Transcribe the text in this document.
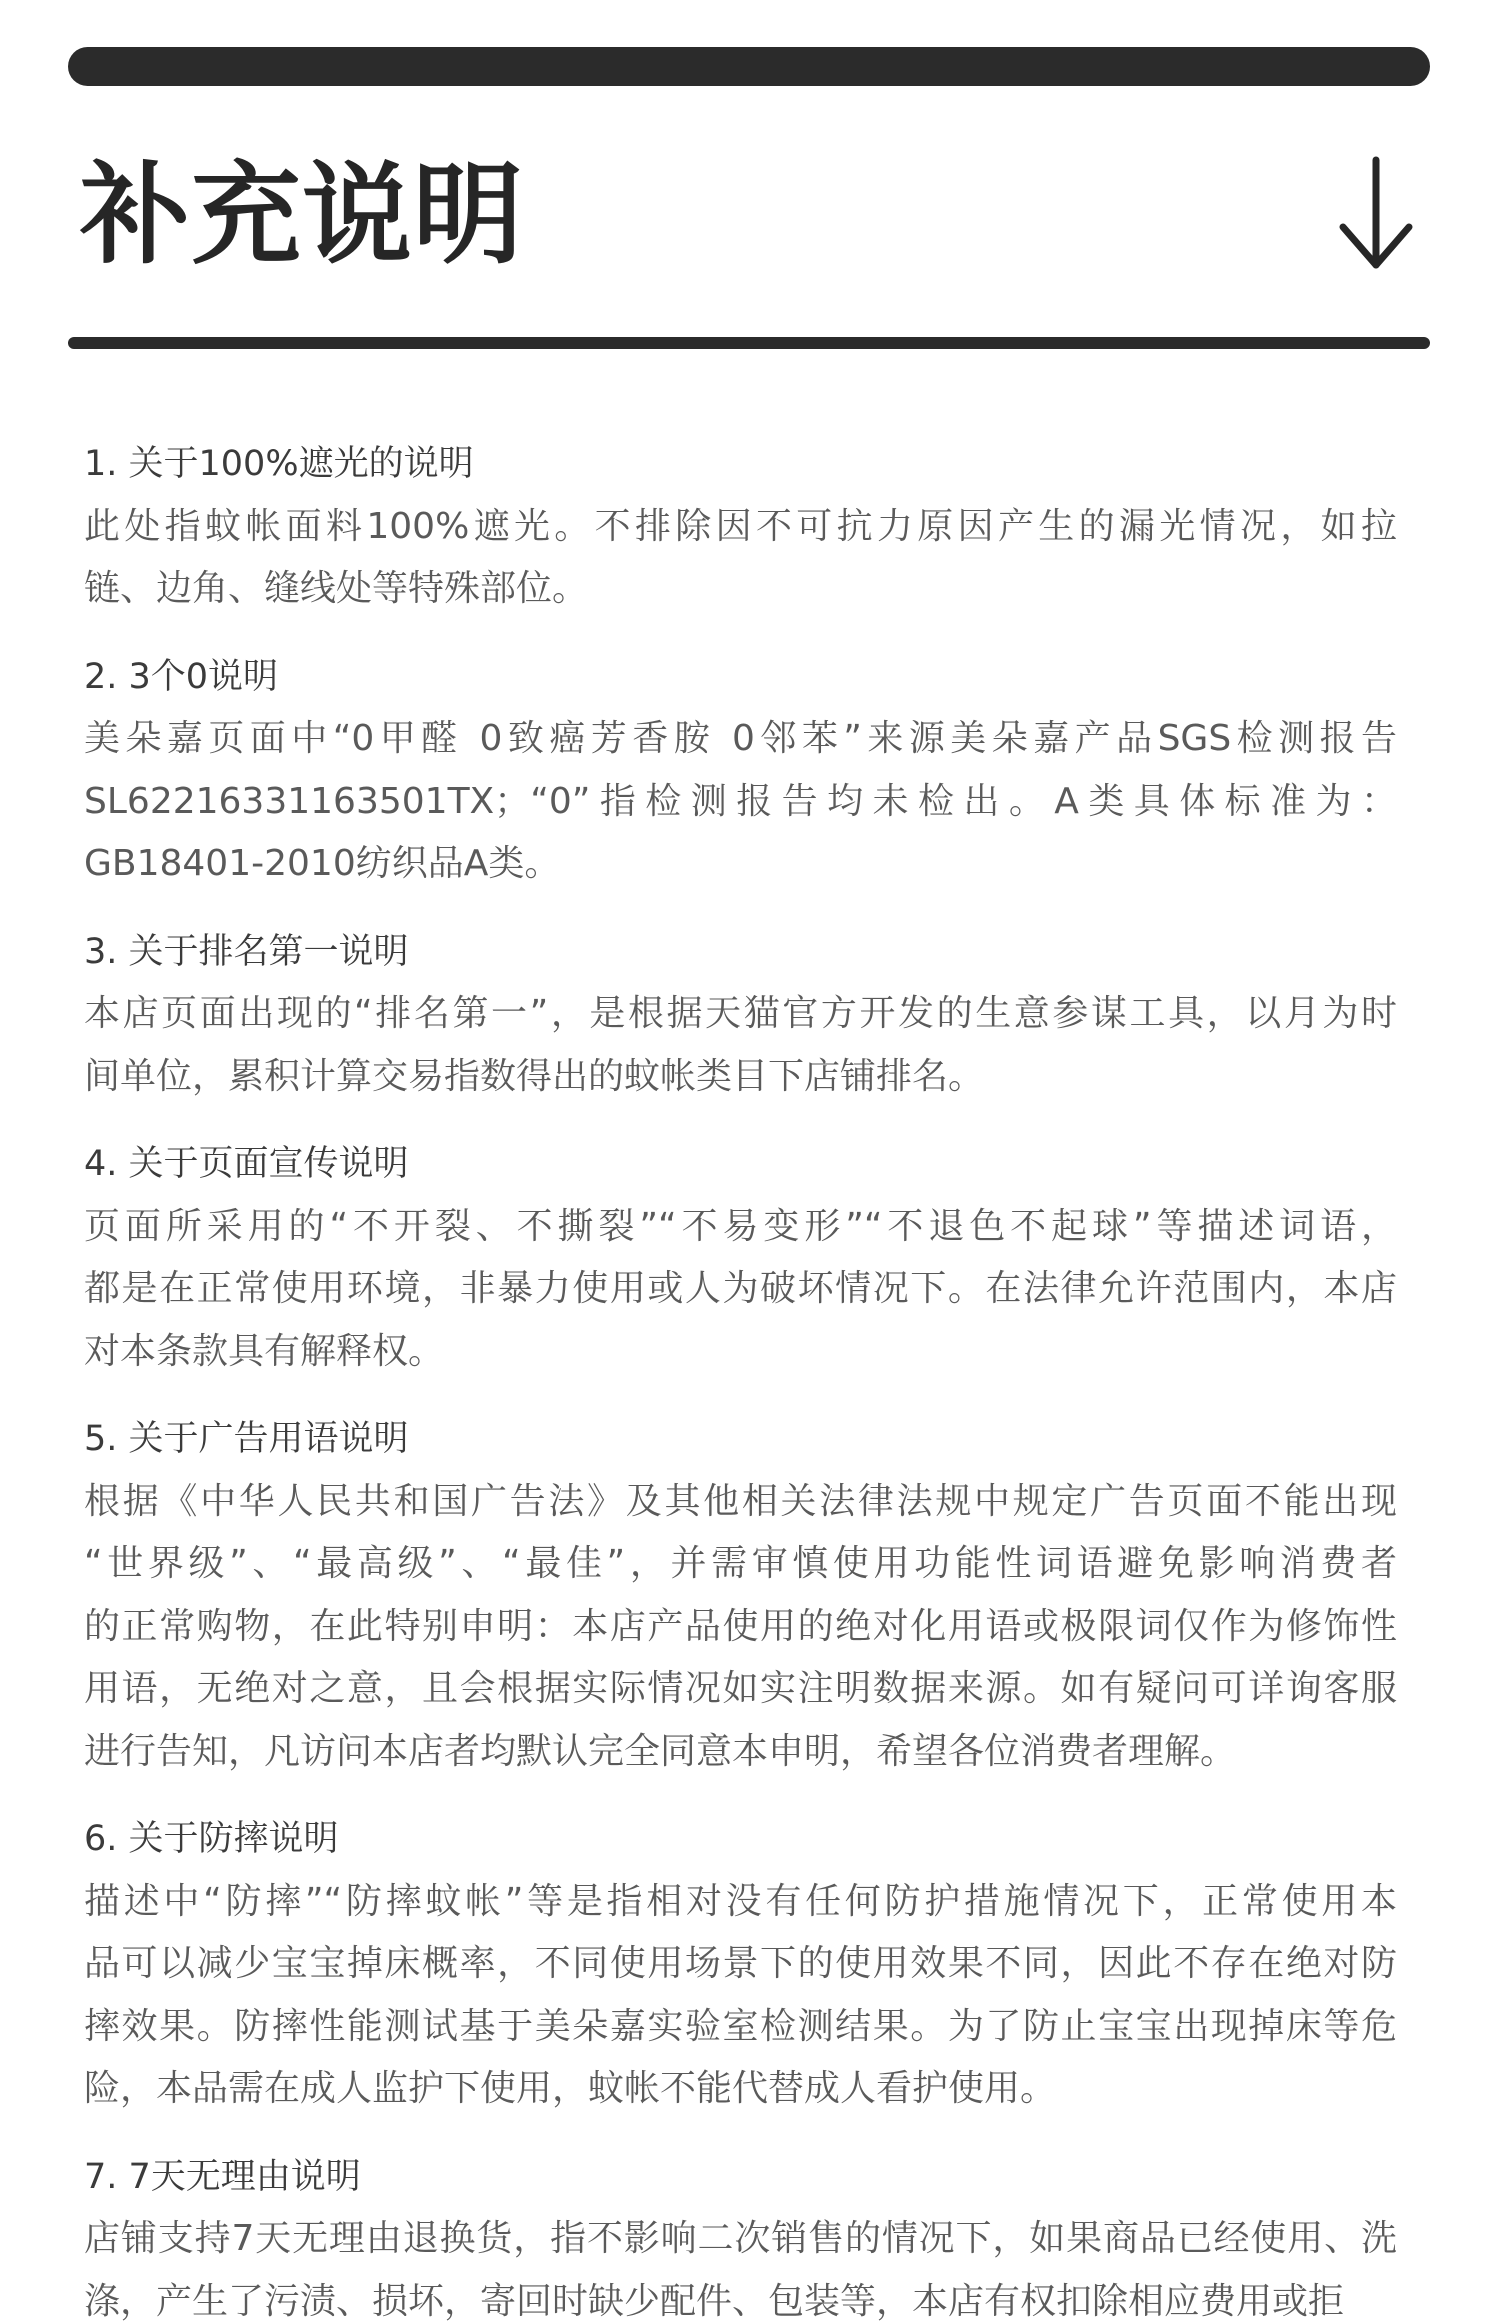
补充说明
1. 关于100%遮光的说明
此处指蚊帐面料100%遮光。不排除因不可抗力原因产生的漏光情况，如拉
链、边角、缝线处等特殊部位。
2. 3个0说明
美朵嘉页面中“0甲醛 0致癌芳香胺 0邻苯”来源美朵嘉产品SGS检测报告
SL62216331163501TX；“0”指检测报告均未检出。A类具体标准为：
GB18401-2010纺织品A类。
3. 关于排名第一说明
本店页面出现的“排名第一”，是根据天猫官方开发的生意参谋工具，以月为时
间单位，累积计算交易指数得出的蚊帐类目下店铺排名。
4. 关于页面宣传说明
页面所采用的“不开裂、不撕裂”“不易变形”“不退色不起球”等描述词语，
都是在正常使用环境，非暴力使用或人为破坏情况下。在法律允许范围内，本店
对本条款具有解释权。
5. 关于广告用语说明
根据《中华人民共和国广告法》及其他相关法律法规中规定广告页面不能出现
“世界级”、“最高级”、“最佳”，并需审慎使用功能性词语避免影响消费者
的正常购物，在此特别申明：本店产品使用的绝对化用语或极限词仅作为修饰性
用语，无绝对之意，且会根据实际情况如实注明数据来源。如有疑问可详询客服
进行告知，凡访问本店者均默认完全同意本申明，希望各位消费者理解。
6. 关于防摔说明
描述中“防摔”“防摔蚊帐”等是指相对没有任何防护措施情况下，正常使用本
品可以减少宝宝掉床概率，不同使用场景下的使用效果不同，因此不存在绝对防
摔效果。防摔性能测试基于美朵嘉实验室检测结果。为了防止宝宝出现掉床等危
险，本品需在成人监护下使用，蚊帐不能代替成人看护使用。
7. 7天无理由说明
店铺支持7天无理由退换货，指不影响二次销售的情况下，如果商品已经使用、洗
涤，产生了污渍、损坏，寄回时缺少配件、包装等，本店有权扣除相应费用或拒
